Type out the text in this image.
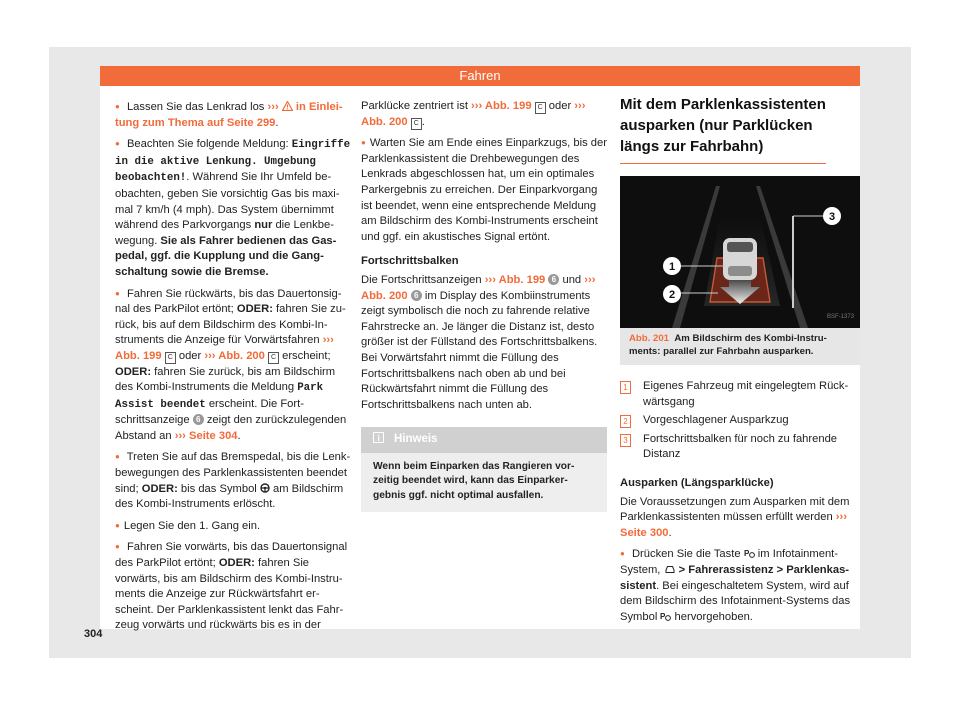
Fahren
304

● Lassen Sie das Lenkrad los ›››  in Einleitung zum Thema auf Seite 299.

● Beachten Sie folgende Meldung: Eingriffe in die aktive Lenkung. Umgebung beobachten!. Während Sie Ihr Umfeld beobachten, geben Sie vorsichtig Gas bis maximal 7 km/h (4 mph). Das System übernimmt während des Parkvorgangs nur die Lenkbewegung. Sie als Fahrer bedienen das Gaspedal, ggf. die Kupplung und die Gangschaltung sowie die Bremse.

● Fahren Sie rückwärts, bis das Dauertonsignal des ParkPilot ertönt; ODER: fahren Sie zurück, bis auf dem Bildschirm des Kombi-Instruments die Anzeige für Vorwärtsfahren ››› Abb. 199 C oder ››› Abb. 200 C erscheint; ODER: fahren Sie zurück, bis am Bildschirm des Kombi-Instruments die Meldung Park Assist beendet erscheint. Die Fortschrittsanzeige 6 zeigt den zurückzulegenden Abstand an ››› Seite 304.

● Treten Sie auf das Bremspedal, bis die Lenkbewegungen des Parklenkassistenten beendet sind; ODER: bis das Symbol  am Bildschirm des Kombi-Instruments erlöscht.

● Legen Sie den 1. Gang ein.

● Fahren Sie vorwärts, bis das Dauertonsignal des ParkPilot ertönt; ODER: fahren Sie vorwärts, bis am Bildschirm des Kombi-Instruments die Anzeige zur Rückwärtsfahrt erscheint. Der Parklenkassistent lenkt das Fahrzeug vorwärts und rückwärts bis es in der

Parklücke zentriert ist ››› Abb. 199 C oder ››› Abb. 200 C .

● Warten Sie am Ende eines Einparkzugs, bis der Parklenkassistent die Drehbewegungen des Lenkrads abgeschlossen hat, um ein optimales Parkergebnis zu erreichen. Der Einparkvorgang ist beendet, wenn eine entsprechende Meldung am Bildschirm des Kombi-Instruments erscheint und ggf. ein akustisches Signal ertönt.

Fortschrittsbalken

Die Fortschrittsanzeigen ››› Abb. 199 6 und ››› Abb. 200 6 im Display des Kombiinstruments zeigt symbolisch die noch zu fahrende relative Fahrstrecke an. Je länger die Distanz ist, desto größer ist der Füllstand des Fortschrittsbalkens. Bei Vorwärtsfahrt nimmt die Füllung des Fortschrittsbalkens nach oben ab und bei Rückwärtsfahrt nimmt die Füllung des Fortschrittsbalkens nach unten ab.

Hinweis
Wenn beim Einparken das Rangieren vorzeitig beendet wird, kann das Einparkergebnis ggf. nicht optimal ausfallen.
Mit dem Parklenkassistenten ausparken (nur Parklücken längs zur Fahrbahn)
1
2
3
BSF-1373
Abb. 201 Am Bildschirm des Kombi-Instruments: parallel zur Fahrbahn ausparken.
1 Eigenes Fahrzeug mit eingelegtem Rückwärtsgang
2 Vorgeschlagener Ausparkzug
3 Fortschrittsbalken für noch zu fahrende Distanz

Ausparken (Längsparklücke)

Die Voraussetzungen zum Ausparken mit dem Parklenkassistenten müssen erfüllt werden ››› Seite 300.

● Drücken Sie die Taste P im Infotainment-System,  > Fahrerassistenz > Parklenkassistent. Bei eingeschaltetem System, wird auf dem Bildschirm des Infotainment-Systems das Symbol P hervorgehoben.
